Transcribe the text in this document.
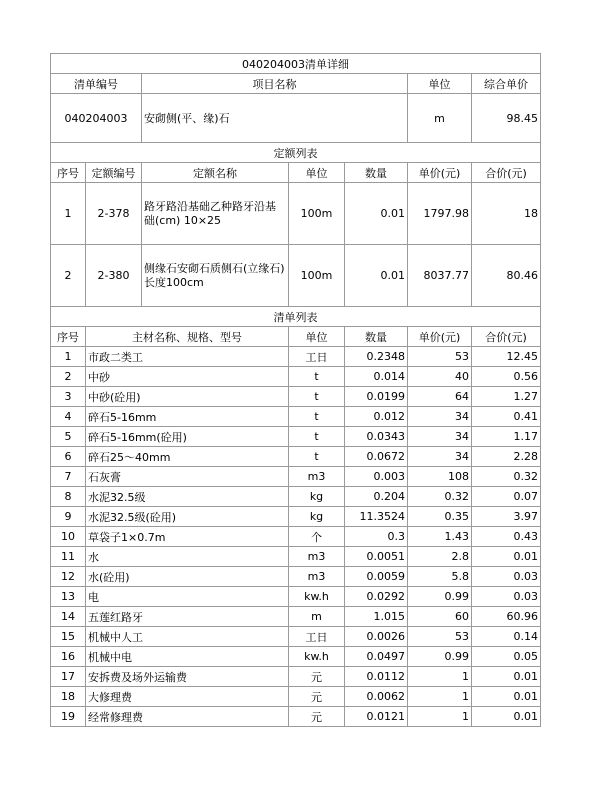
040204003清单详细						
清单编号		项目名称			单位	综合单价
040204003		安砌侧(平、缘)石			m	98.45
定额列表						
序号	定额编号	定额名称	单位	数量	单价(元)	合价(元)
1	2-378	路牙路沿基础乙种路牙沿基础(cm) 10×25	100m	0.01	1797.98	18
2	2-380	侧缘石安砌石质侧石(立缘石) 长度100cm	100m	0.01	8037.77	80.46
清单列表						
序号	主材名称、规格、型号		单位	数量	单价(元)	合价(元)
1	市政二类工		工日	0.2348	53	12.45
2	中砂		t	0.014	40	0.56
3	中砂(砼用)		t	0.0199	64	1.27
4	碎石5-16mm		t	0.012	34	0.41
5	碎石5-16mm(砼用)		t	0.0343	34	1.17
6	碎石25～40mm		t	0.0672	34	2.28
7	石灰膏		m3	0.003	108	0.32
8	水泥32.5级		kg	0.204	0.32	0.07
9	水泥32.5级(砼用)		kg	11.3524	0.35	3.97
10	草袋子1×0.7m		个	0.3	1.43	0.43
11	水		m3	0.0051	2.8	0.01
12	水(砼用)		m3	0.0059	5.8	0.03
13	电		kw.h	0.0292	0.99	0.03
14	五莲红路牙		m	1.015	60	60.96
15	机械中人工		工日	0.0026	53	0.14
16	机械中电		kw.h	0.0497	0.99	0.05
17	安拆费及场外运输费		元	0.0112	1	0.01
18	大修理费		元	0.0062	1	0.01
19	经常修理费		元	0.0121	1	0.01
